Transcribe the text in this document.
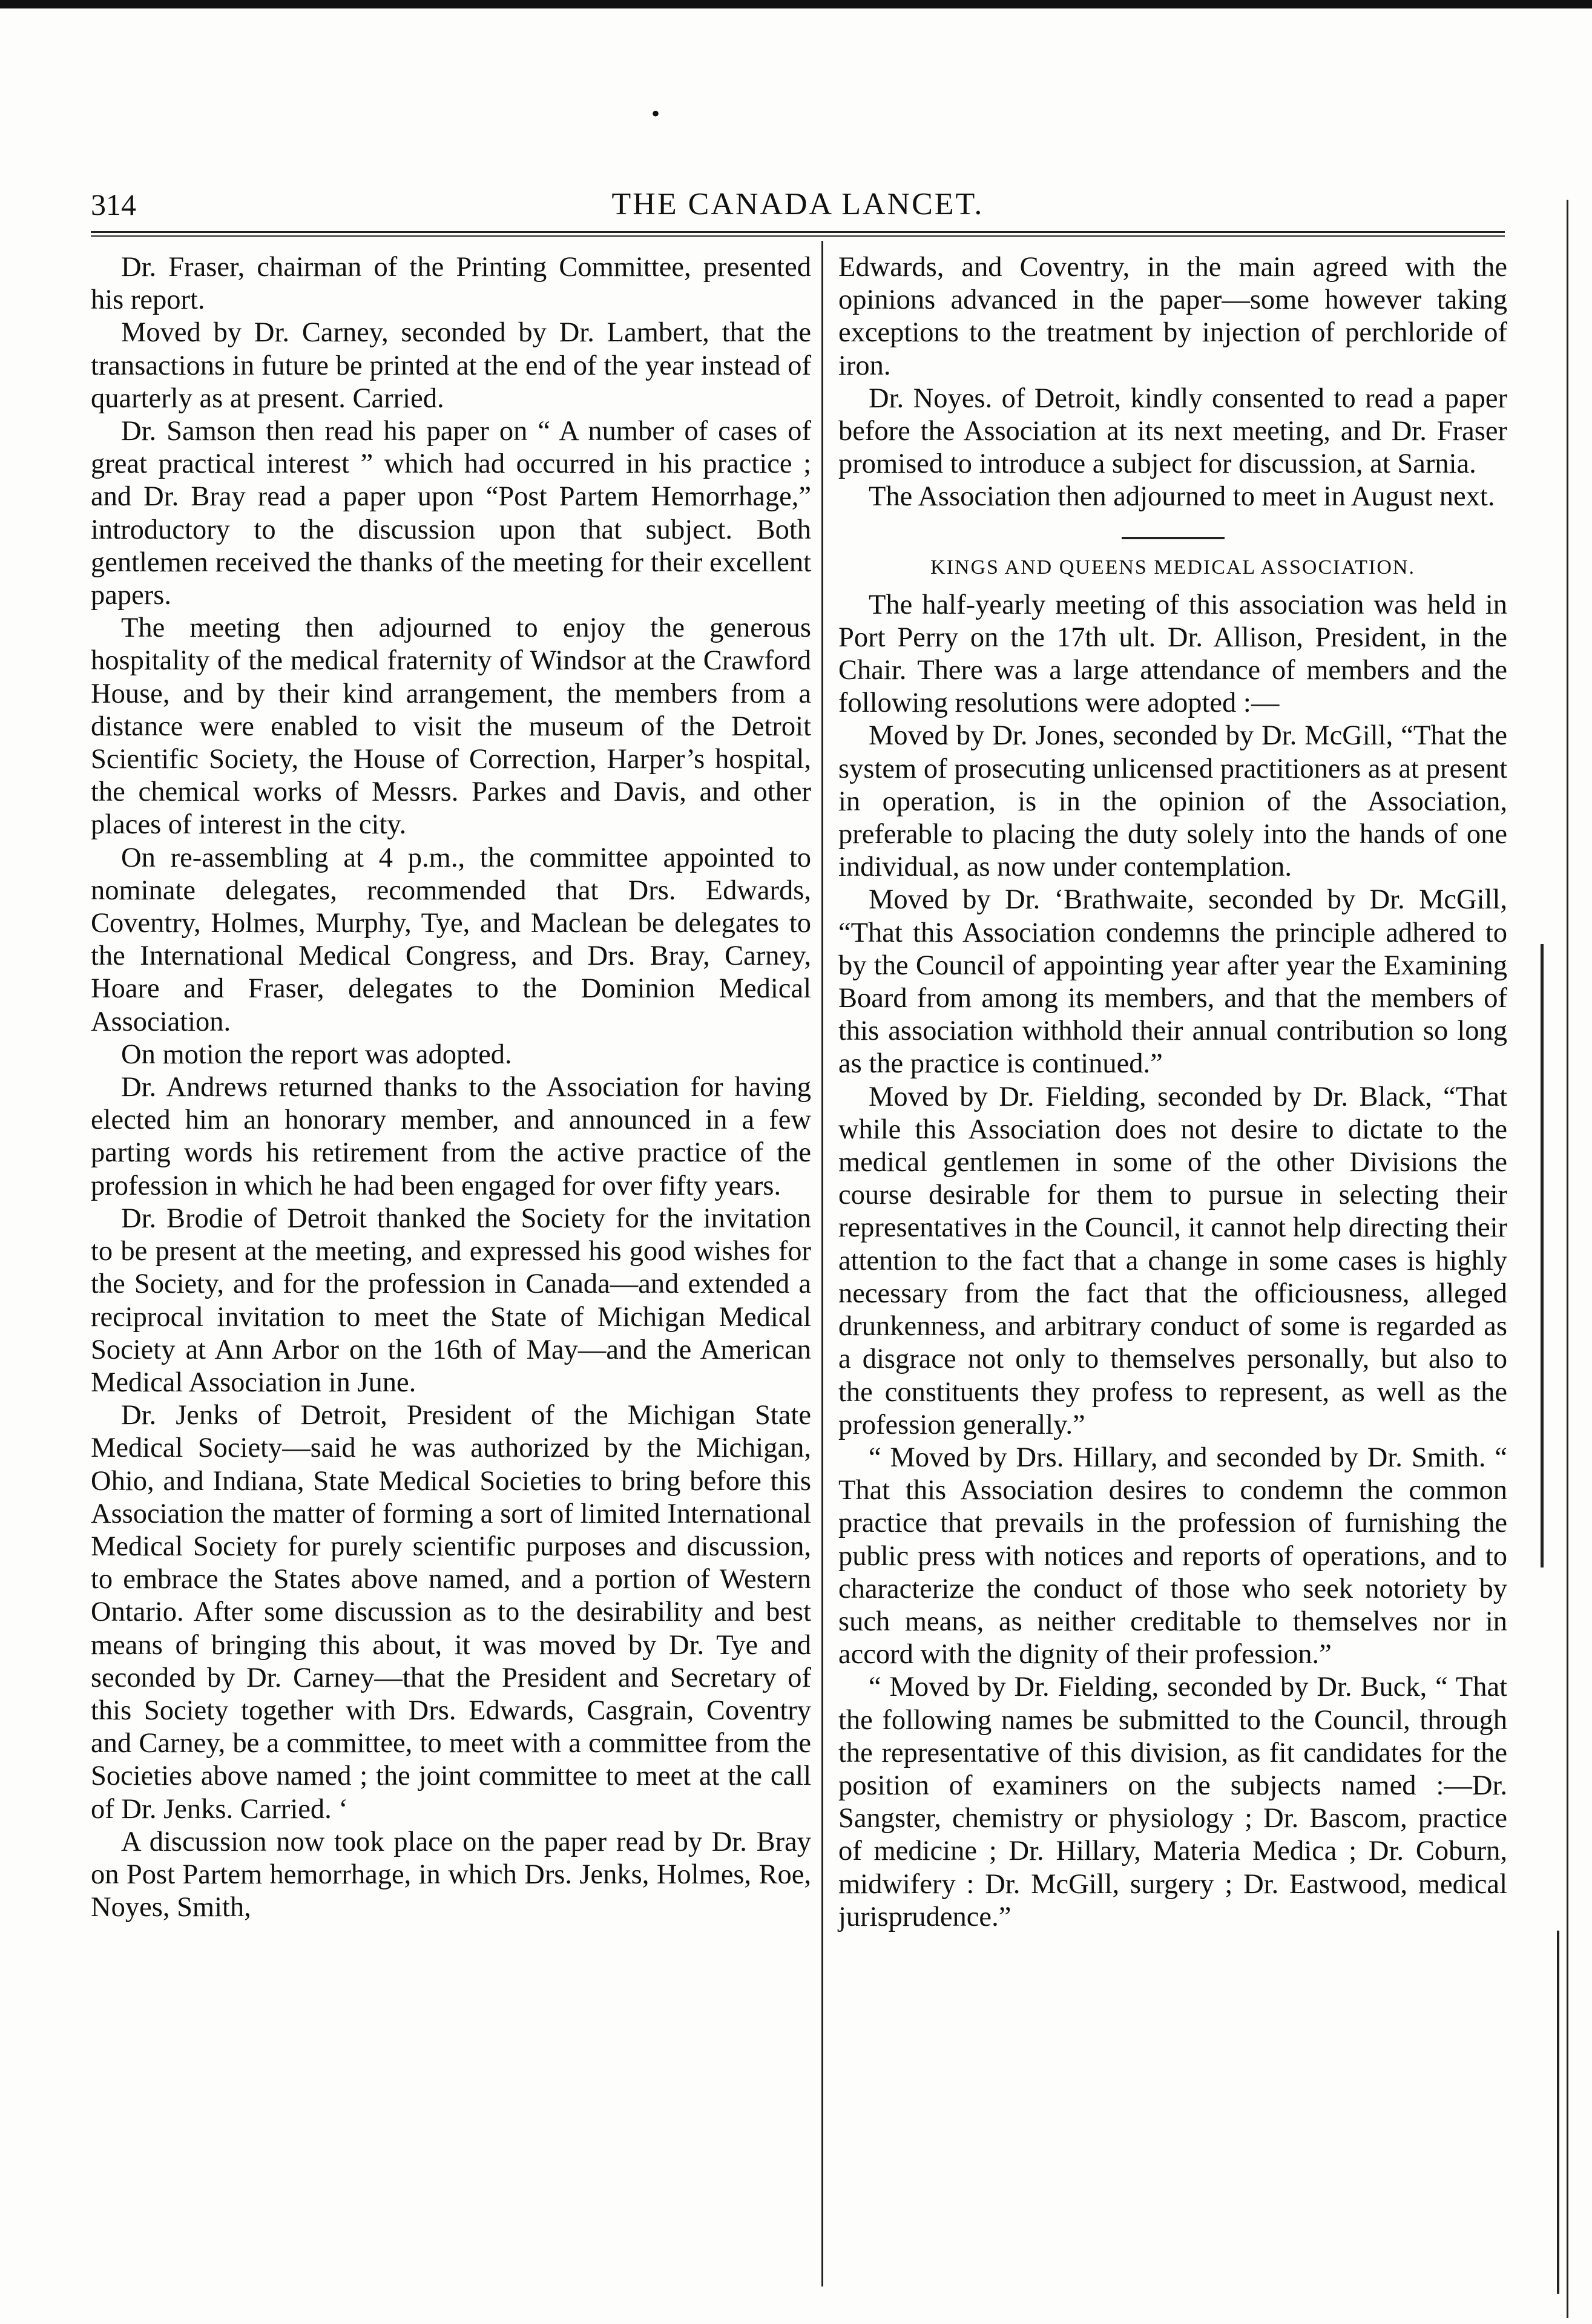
•
314	THE CANADA LANCET.

Dr. Fraser, chairman of the Printing Committee, presented his report.

Moved by Dr. Carney, seconded by Dr. Lambert, that the transactions in future be printed at the end of the year instead of quarterly as at present. Carried.

Dr. Samson then read his paper on “ A number of cases of great practical interest ” which had occurred in his practice ; and Dr. Bray read a paper upon “Post Partem Hemorrhage,” introductory to the discussion upon that subject. Both gentlemen received the thanks of the meeting for their excellent papers.

The meeting then adjourned to enjoy the generous hospitality of the medical fraternity of Windsor at the Crawford House, and by their kind arrangement, the members from a distance were enabled to visit the museum of the Detroit Scientific Society, the House of Correction, Harper’s hospital, the chemical works of Messrs. Parkes and Davis, and other places of interest in the city.

On re-assembling at 4 p.m., the committee appointed to nominate delegates, recommended that Drs. Edwards, Coventry, Holmes, Murphy, Tye, and Maclean be delegates to the International Medical Congress, and Drs. Bray, Carney, Hoare and Fraser, delegates to the Dominion Medical Association.

On motion the report was adopted.

Dr. Andrews returned thanks to the Association for having elected him an honorary member, and announced in a few parting words his retirement from the active practice of the profession in which he had been engaged for over fifty years.

Dr. Brodie of Detroit thanked the Society for the invitation to be present at the meeting, and expressed his good wishes for the Society, and for the profession in Canada—and extended a reciprocal invitation to meet the State of Michigan Medical Society at Ann Arbor on the 16th of May—and the American Medical Association in June.

Dr. Jenks of Detroit, President of the Michigan State Medical Society—said he was authorized by the Michigan, Ohio, and Indiana, State Medical Societies to bring before this Association the matter of forming a sort of limited International Medical Society for purely scientific purposes and discussion, to embrace the States above named, and a portion of Western Ontario. After some discussion as to the desirability and best means of bringing this about, it was moved by Dr. Tye and seconded by Dr. Carney—that the President and Secretary of this Society together with Drs. Edwards, Casgrain, Coventry and Carney, be a committee, to meet with a committee from the Societies above named ; the joint committee to meet at the call of Dr. Jenks. Carried. ‘

A discussion now took place on the paper read by Dr. Bray on Post Partem hemorrhage, in which Drs. Jenks, Holmes, Roe, Noyes, Smith,

Edwards, and Coventry, in the main agreed with the opinions advanced in the paper—some however taking exceptions to the treatment by injection of perchloride of iron.

Dr. Noyes. of Detroit, kindly consented to read a paper before the Association at its next meeting, and Dr. Fraser promised to introduce a subject for discussion, at Sarnia.

The Association then adjourned to meet in August next.

KINGS AND QUEENS MEDICAL ASSOCIATION.

The half-yearly meeting of this association was held in Port Perry on the 17th ult. Dr. Allison, President, in the Chair. There was a large attendance of members and the following resolutions were adopted :—

Moved by Dr. Jones, seconded by Dr. McGill, “That the system of prosecuting unlicensed practitioners as at present in operation, is in the opinion of the Association, preferable to placing the duty solely into the hands of one individual, as now under contemplation.

Moved by Dr. ‘Brathwaite, seconded by Dr. McGill, “That this Association condemns the principle adhered to by the Council of appointing year after year the Examining Board from among its members, and that the members of this association withhold their annual contribution so long as the practice is continued.”

Moved by Dr. Fielding, seconded by Dr. Black, “That while this Association does not desire to dictate to the medical gentlemen in some of the other Divisions the course desirable for them to pursue in selecting their representatives in the Council, it cannot help directing their attention to the fact that a change in some cases is highly necessary from the fact that the officiousness, alleged drunkenness, and arbitrary conduct of some is regarded as a disgrace not only to themselves personally, but also to the constituents they profess to represent, as well as the profession generally.”

“ Moved by Drs. Hillary, and seconded by Dr. Smith. “ That this Association desires to condemn the common practice that prevails in the profession of furnishing the public press with notices and reports of operations, and to characterize the conduct of those who seek notoriety by such means, as neither creditable to themselves nor in accord with the dignity of their profession.”

“ Moved by Dr. Fielding, seconded by Dr. Buck, “ That the following names be submitted to the Council, through the representative of this division, as fit candidates for the position of examiners on the subjects named :—Dr. Sangster, chemistry or physiology ; Dr. Bascom, practice of medicine ; Dr. Hillary, Materia Medica ; Dr. Coburn, midwifery : Dr. McGill, surgery ; Dr. Eastwood, medical jurisprudence.”
